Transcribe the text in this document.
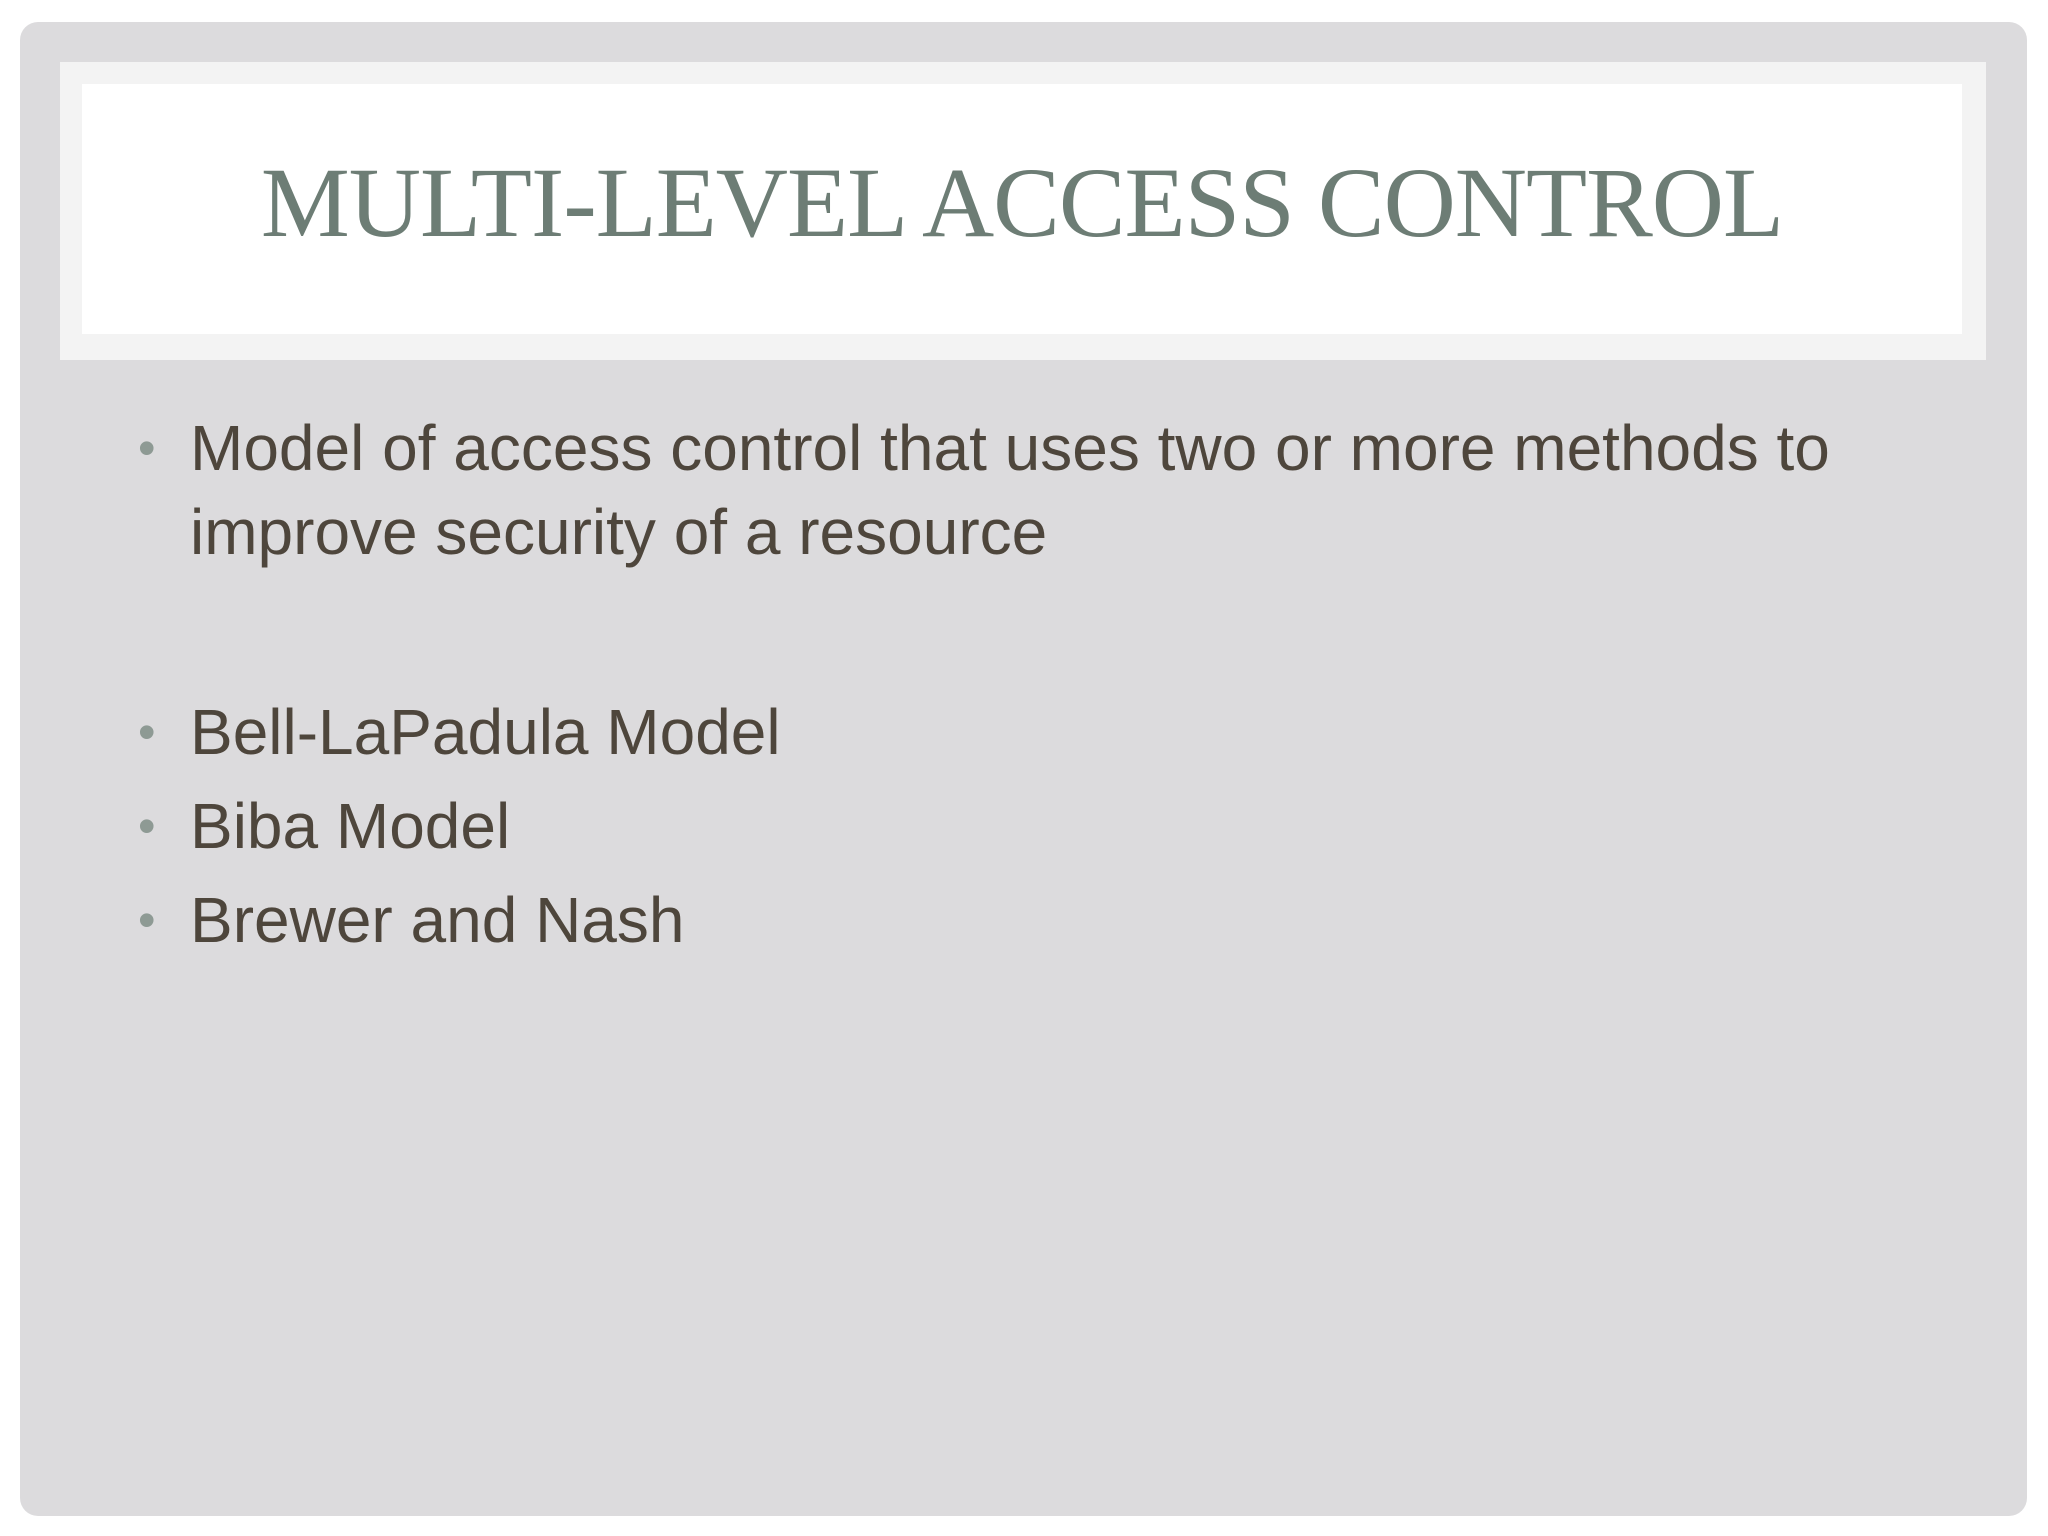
MULTI-LEVEL ACCESS CONTROL
• Model of access control that uses two or more methods to improve security of a resource
• Bell-LaPadula Model
• Biba Model
• Brewer and Nash
